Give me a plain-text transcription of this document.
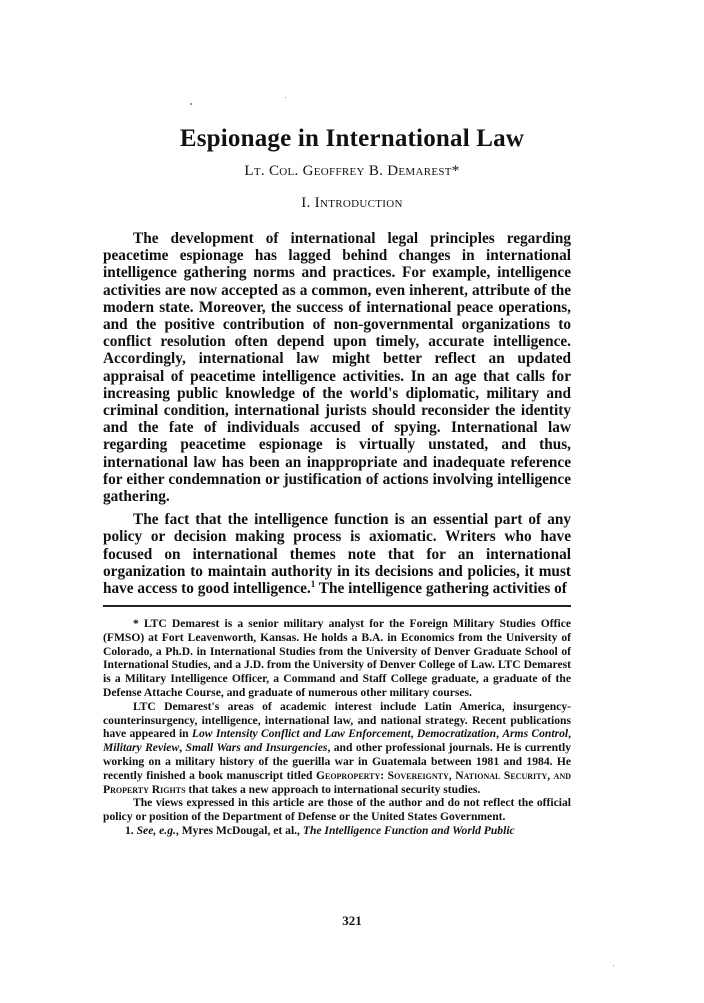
Espionage in International Law
Lt. Col. Geoffrey B. Demarest*
I. Introduction

The development of international legal principles regarding peacetime espionage has lagged behind changes in international intelligence gathering norms and practices. For example, intelligence activities are now accepted as a common, even inherent, attribute of the modern state. Moreover, the success of international peace operations, and the positive contribution of non-governmental organizations to conflict resolution often depend upon timely, accurate intelligence. Accordingly, international law might better reflect an updated appraisal of peacetime intelligence activities. In an age that calls for increasing public knowledge of the world's diplomatic, military and criminal condition, international jurists should reconsider the identity and the fate of individuals accused of spying. International law regarding peacetime espionage is virtually unstated, and thus, international law has been an inappropriate and inadequate reference for either condemnation or justification of actions involving intelligence gathering.

The fact that the intelligence function is an essential part of any policy or decision making process is axiomatic. Writers who have focused on international themes note that for an international organization to maintain authority in its decisions and policies, it must have access to good intelligence.$^1$ The intelligence gathering activities of

* LTC Demarest is a senior military analyst for the Foreign Military Studies Office (FMSO) at Fort Leavenworth, Kansas. He holds a B.A. in Economics from the University of Colorado, a Ph.D. in International Studies from the University of Denver Graduate School of International Studies, and a J.D. from the University of Denver College of Law. LTC Demarest is a Military Intelligence Officer, a Command and Staff College graduate, a graduate of the Defense Attache Course, and graduate of numerous other military courses.

LTC Demarest's areas of academic interest include Latin America, insurgency-counterinsurgency, intelligence, international law, and national strategy. Recent publications have appeared in Low Intensity Conflict and Law Enforcement, Democratization, Arms Control, Military Review, Small Wars and Insurgencies, and other professional journals. He is currently working on a military history of the guerilla war in Guatemala between 1981 and 1984. He recently finished a book manuscript titled Geoproperty: Sovereignty, National Security, and Property Rights that takes a new approach to international security studies.

The views expressed in this article are those of the author and do not reflect the official policy or position of the Department of Defense or the United States Government.

1. See, e.g., Myres McDougal, et al., The Intelligence Function and World Public

321
